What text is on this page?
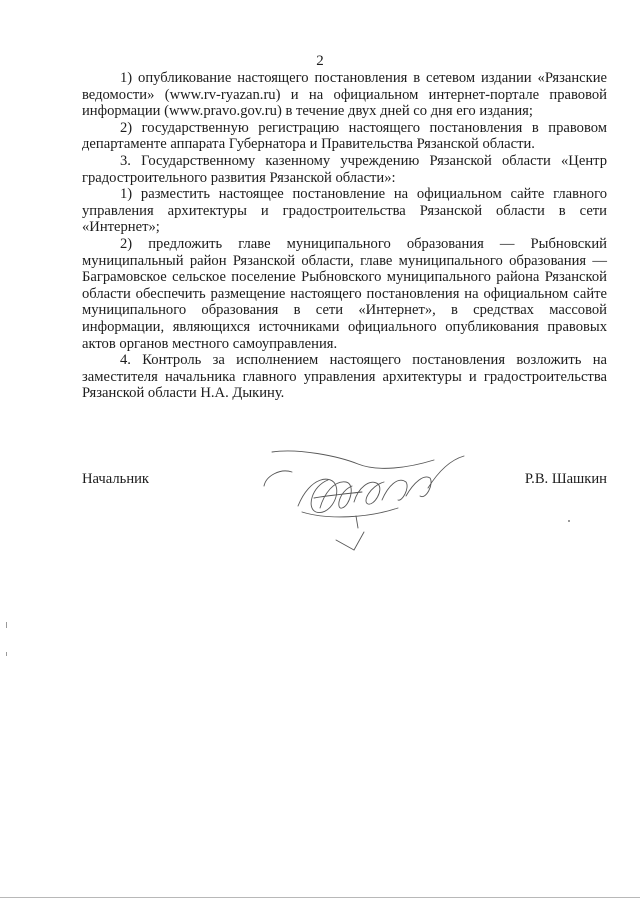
2

1) опубликование настоящего постановления в сетевом издании «Рязанские ведомости» (www.rv-ryazan.ru) и на официальном интернет-портале правовой информации (www.pravo.gov.ru) в течение двух дней со дня его издания;

2) государственную регистрацию настоящего постановления в правовом департаменте аппарата Губернатора и Правительства Рязанской области.

3. Государственному казенному учреждению Рязанской области «Центр градостроительного развития Рязанской области»:

1) разместить настоящее постановление на официальном сайте главного управления архитектуры и градостроительства Рязанской области в сети «Интернет»;

2) предложить главе муниципального образования — Рыбновский муниципальный район Рязанской области, главе муниципального образования — Баграмовское сельское поселение Рыбновского муниципального района Рязанской области обеспечить размещение настоящего постановления на официальном сайте муниципального образования в сети «Интернет», в средствах массовой информации, являющихся источниками официального опубликования правовых актов органов местного самоуправления.

4. Контроль за исполнением настоящего постановления возложить на заместителя начальника главного управления архитектуры и градостроительства Рязанской области Н.А. Дыкину.

Начальник	Р.В. Шашкин
